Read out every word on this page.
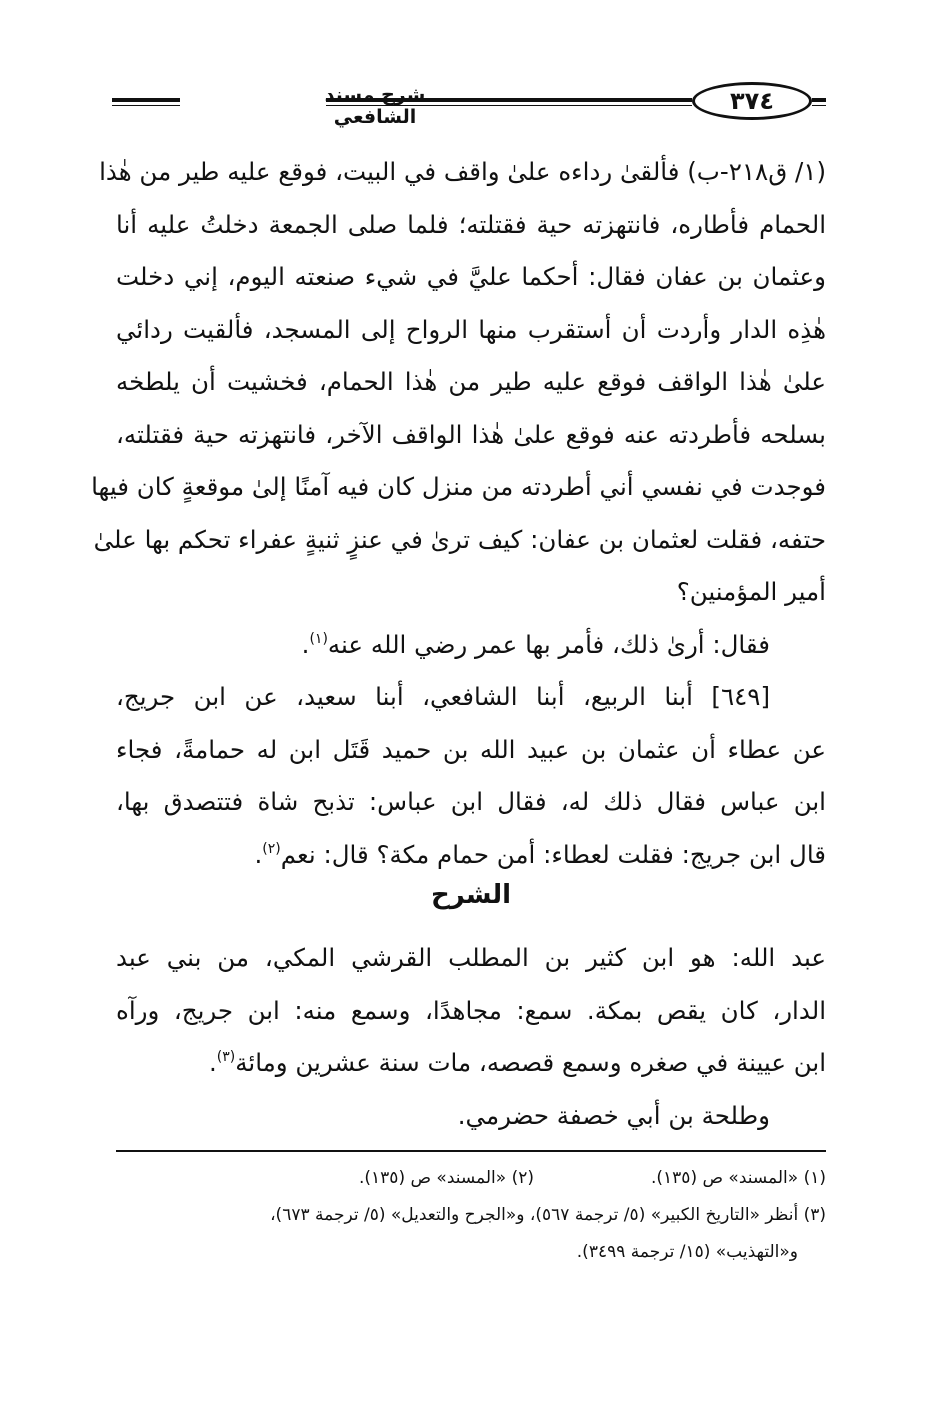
شرح مسند الشافعي
٣٧٤
(١/ ق٢١٨-ب) فألقىٰ رداءه علىٰ واقف في البيت، فوقع عليه طير من هٰذا
الحمام فأطاره، فانتهزته حية فقتلته؛ فلما صلى الجمعة دخلتُ عليه أنا
وعثمان بن عفان فقال: أحكما عليَّ في شيء صنعته اليوم، إني دخلت
هٰذِه الدار وأردت أن أستقرب منها الرواح إلى المسجد، فألقيت ردائي
علىٰ هٰذا الواقف فوقع عليه طير من هٰذا الحمام، فخشيت أن يلطخه
بسلحه فأطردته عنه فوقع علىٰ هٰذا الواقف الآخر، فانتهزته حية فقتلته،
فوجدت في نفسي أني أطردته من منزل كان فيه آمنًا إلىٰ موقعةٍ كان فيها
حتفه، فقلت لعثمان بن عفان: كيف ترىٰ في عنزٍ ثنيةٍ عفراء تحكم بها علىٰ
أمير المؤمنين؟
فقال: أرىٰ ذلك، فأمر بها عمر رضي الله عنه$^{(١)}$.
[٦٤٩] أبنا الربيع، أبنا الشافعي، أبنا سعيد، عن ابن جريج،
عن عطاء أن عثمان بن عبيد الله بن حميد قَتَل ابن له حمامةً، فجاء
ابن عباس فقال ذلك له، فقال ابن عباس: تذبح شاة فتتصدق بها،
قال ابن جريج: فقلت لعطاء: أمن حمام مكة؟ قال: نعم$^{(٢)}$.
الشرح
عبد الله: هو ابن كثير بن المطلب القرشي المكي، من بني عبد
الدار، كان يقص بمكة. سمع: مجاهدًا، وسمع منه: ابن جريج، ورآه
ابن عيينة في صغره وسمع قصصه، مات سنة عشرين ومائة$^{(٣)}$.
وطلحة بن أبي خصفة حضرمي.
(١) «المسند» ص (١٣٥).(٢) «المسند» ص (١٣٥).
(٣) أنظر «التاريخ الكبير» (٥/ ترجمة ٥٦٧)، و«الجرح والتعديل» (٥/ ترجمة ٦٧٣)،
و«التهذيب» (١٥/ ترجمة ٣٤٩٩).
